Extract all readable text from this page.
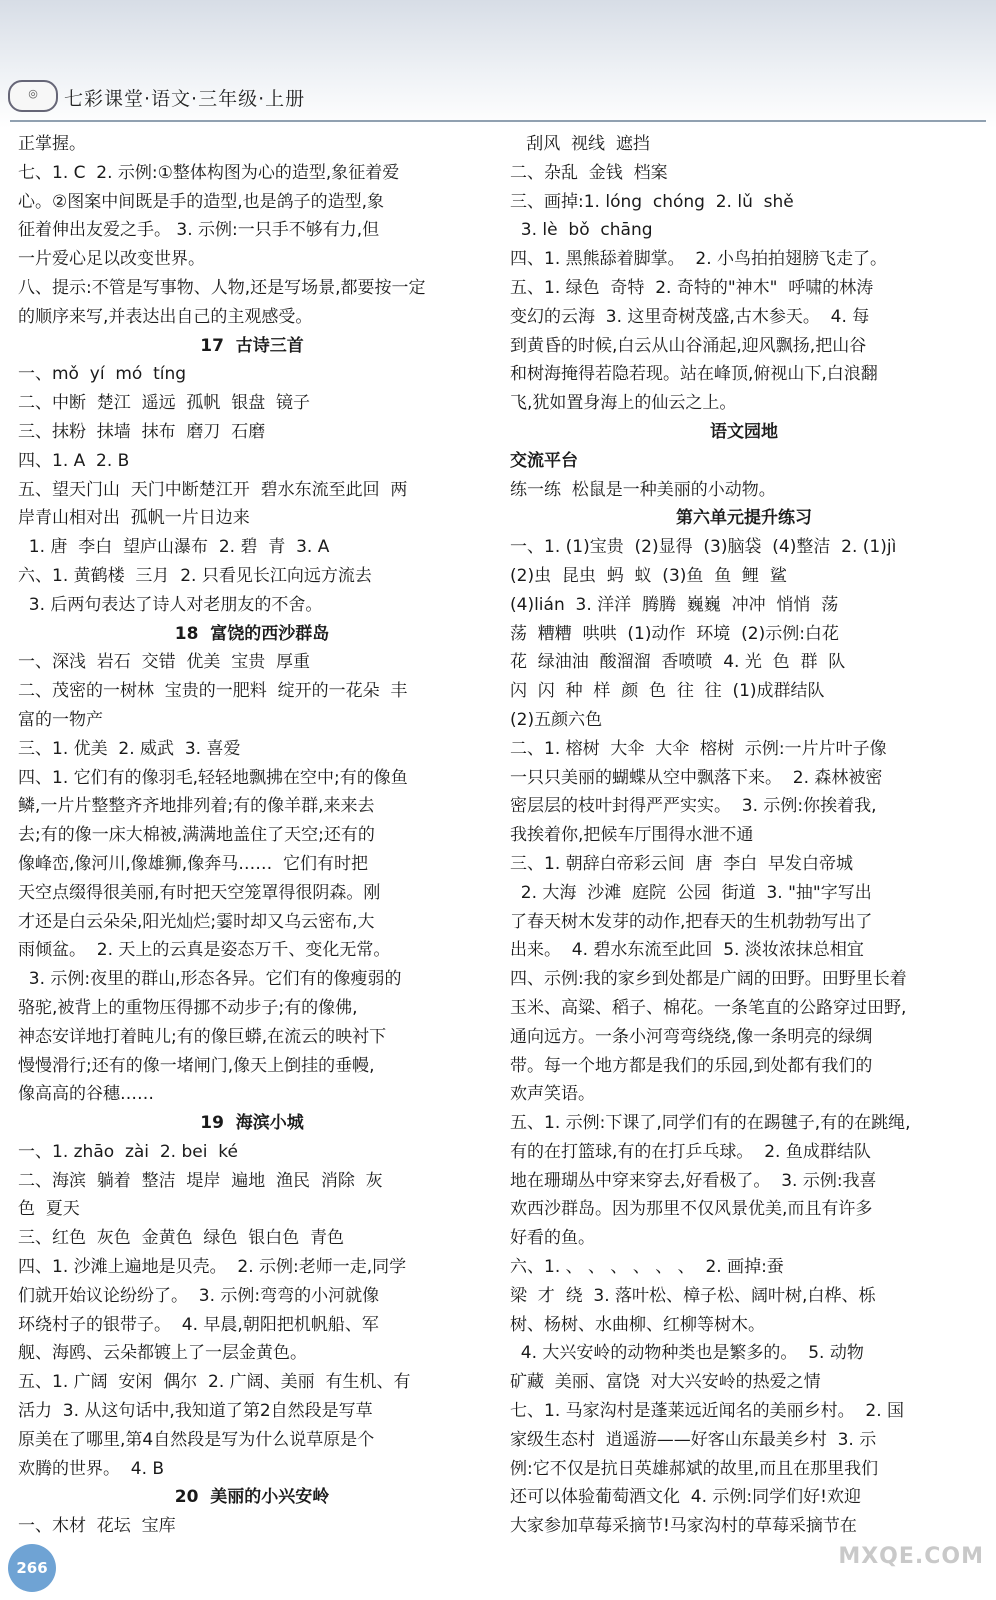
◎	七彩课堂·语文·三年级·上册
正掌握。
七、1. C  2. 示例:①整体构图为心的造型,象征着爱
心。②图案中间既是手的造型,也是鸽子的造型,象
征着伸出友爱之手。 3. 示例:一只手不够有力,但
一片爱心足以改变世界。
八、提示:不管是写事物、人物,还是写场景,都要按一定
的顺序来写,并表达出自己的主观感受。
17  古诗三首
一、mǒ  yí  mó  tíng
二、中断  楚江  遥远  孤帆  银盘  镜子
三、抹粉  抹墙  抹布  磨刀  石磨
四、1. A  2. B
五、望天门山  天门中断楚江开  碧水东流至此回  两
岸青山相对出  孤帆一片日边来
1. 唐  李白  望庐山瀑布  2. 碧  青  3. A
六、1. 黄鹤楼  三月  2. 只看见长江向远方流去
3. 后两句表达了诗人对老朋友的不舍。
18  富饶的西沙群岛
一、深浅  岩石  交错  优美  宝贵  厚重
二、茂密的一树林  宝贵的一肥料  绽开的一花朵  丰
富的一物产
三、1. 优美  2. 威武  3. 喜爱
四、1. 它们有的像羽毛,轻轻地飘拂在空中;有的像鱼
鳞,一片片整整齐齐地排列着;有的像羊群,来来去
去;有的像一床大棉被,满满地盖住了天空;还有的
像峰峦,像河川,像雄狮,像奔马……  它们有时把
天空点缀得很美丽,有时把天空笼罩得很阴森。刚
才还是白云朵朵,阳光灿烂;霎时却又乌云密布,大
雨倾盆。  2. 天上的云真是姿态万千、变化无常。
3. 示例:夜里的群山,形态各异。它们有的像瘦弱的
骆驼,被背上的重物压得挪不动步子;有的像佛,
神态安详地打着盹儿;有的像巨蟒,在流云的映衬下
慢慢滑行;还有的像一堵闸门,像天上倒挂的垂幔,
像高高的谷穗……
19  海滨小城
一、1. zhāo  zài  2. bei  ké
二、海滨  躺着  整洁  堤岸  遍地  渔民  消除  灰
色  夏天
三、红色  灰色  金黄色  绿色  银白色  青色
四、1. 沙滩上遍地是贝壳。  2. 示例:老师一走,同学
们就开始议论纷纷了。  3. 示例:弯弯的小河就像
环绕村子的银带子。  4. 早晨,朝阳把机帆船、军
舰、海鸥、云朵都镀上了一层金黄色。
五、1. 广阔  安闲  偶尔  2. 广阔、美丽  有生机、有
活力  3. 从这句话中,我知道了第2自然段是写草
原美在了哪里,第4自然段是写为什么说草原是个
欢腾的世界。  4. B
20  美丽的小兴安岭
一、木材  花坛  宝库
刮风  视线  遮挡
二、杂乱  金钱  档案
三、画掉:1. lóng  chóng  2. lǔ  shě
3. lè  bǒ  chāng
四、1. 黑熊舔着脚掌。  2. 小鸟拍拍翅膀飞走了。
五、1. 绿色  奇特  2. 奇特的"神木"  呼啸的林涛
变幻的云海  3. 这里奇树茂盛,古木参天。  4. 每
到黄昏的时候,白云从山谷涌起,迎风飘扬,把山谷
和树海掩得若隐若现。站在峰顶,俯视山下,白浪翻
飞,犹如置身海上的仙云之上。
语文园地
交流平台
练一练  松鼠是一种美丽的小动物。
第六单元提升练习
一、1. (1)宝贵  (2)显得  (3)脑袋  (4)整洁  2. (1)jì
(2)虫  昆虫  蚂  蚁  (3)鱼  鱼  鲤  鲨
(4)lián  3. 洋洋  腾腾  巍巍  冲冲  悄悄  荡
荡  糟糟  哄哄  (1)动作  环境  (2)示例:白花
花  绿油油  酸溜溜  香喷喷  4. 光  色  群  队
闪  闪  种  样  颜  色  往  往  (1)成群结队
(2)五颜六色
二、1. 榕树  大伞  大伞  榕树  示例:一片片叶子像
一只只美丽的蝴蝶从空中飘落下来。  2. 森林被密
密层层的枝叶封得严严实实。  3. 示例:你挨着我,
我挨着你,把候车厅围得水泄不通
三、1. 朝辞白帝彩云间  唐  李白  早发白帝城
2. 大海  沙滩  庭院  公园  街道  3. "抽"字写出
了春天树木发芽的动作,把春天的生机勃勃写出了
出来。  4. 碧水东流至此回  5. 淡妆浓抹总相宜
四、示例:我的家乡到处都是广阔的田野。田野里长着
玉米、高粱、稻子、棉花。一条笔直的公路穿过田野,
通向远方。一条小河弯弯绕绕,像一条明亮的绿绸
带。每一个地方都是我们的乐园,到处都有我们的
欢声笑语。
五、1. 示例:下课了,同学们有的在踢毽子,有的在跳绳,
有的在打篮球,有的在打乒乓球。  2. 鱼成群结队
地在珊瑚丛中穿来穿去,好看极了。  3. 示例:我喜
欢西沙群岛。因为那里不仅风景优美,而且有许多
好看的鱼。
六、1. 、 、 、 、 、 、  2. 画掉:蚕
梁  才  绕  3. 落叶松、樟子松、阔叶树,白桦、栎
树、杨树、水曲柳、红柳等树木。
4. 大兴安岭的动物种类也是繁多的。  5. 动物
矿藏  美丽、富饶  对大兴安岭的热爱之情
七、1. 马家沟村是蓬莱远近闻名的美丽乡村。  2. 国
家级生态村  逍遥游——好客山东最美乡村  3. 示
例:它不仅是抗日英雄郝斌的故里,而且在那里我们
还可以体验葡萄酒文化  4. 示例:同学们好!欢迎
大家参加草莓采摘节!马家沟村的草莓采摘节在
266	MXQE.COM
